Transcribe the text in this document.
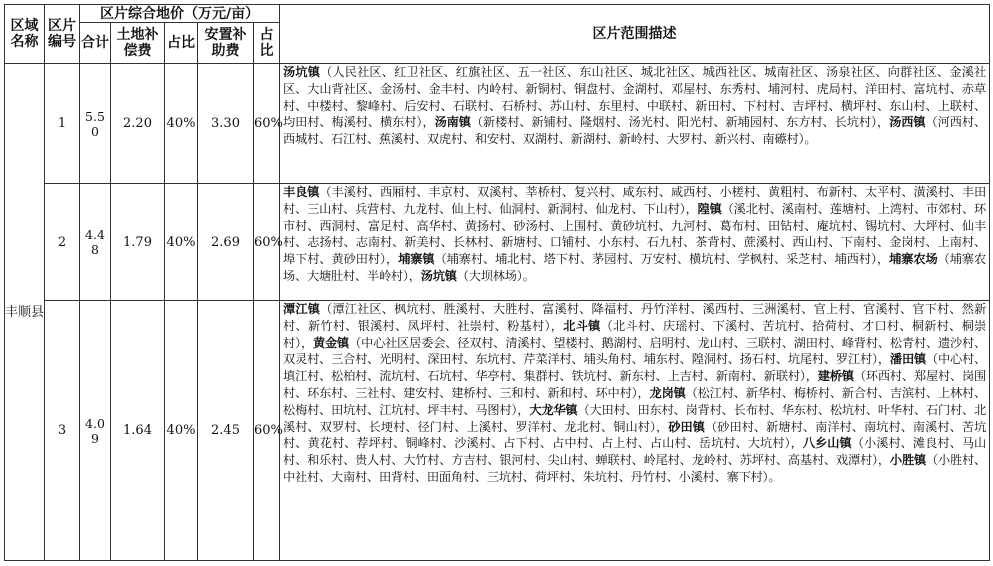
区域名称	区片编号	区片综合地价（万元/亩）					区片范围描述
		合计	土地补偿费	占比	安置补助费	占比	
丰顺县	1	5.50	2.20	40%	3.30	60%	汤坑镇（人民社区、红卫社区、红旗社区、五一社区、东山社区、城北社区、城西社区、城南社区、汤泉社区、向群社区、金溪社区、大山背社区、金汤村、金丰村、内岭村、新铜村、铜盘村、金湖村、邓屋村、东秀村、埔河村、虎局村、洋田村、富坑村、赤草村、中楼村、黎峰村、后安村、石联村、石桥村、苏山村、东里村、中联村、新田村、下村村、吉坪村、横坪村、东山村、上联村、均田村、梅溪村、横东村），汤南镇（新楼村、新铺村、隆烟村、汤光村、阳光村、新埔园村、东方村、长坑村），汤西镇（河西村、西城村、石江村、蕉溪村、双虎村、和安村、双湖村、新湖村、新岭村、大罗村、新兴村、南礤村）。
	2	4.48	1.79	40%	2.69	60%	丰良镇（丰溪村、西厢村、丰京村、双溪村、莘桥村、复兴村、咸东村、咸西村、小槎村、黄粗村、布新村、太平村、潢溪村、丰田村、三山村、兵营村、九龙村、仙上村、仙洞村、新洞村、仙龙村、下山村），隍镇（溪北村、溪南村、莲塘村、上湾村、市郊村、环市村、西洞村、富足村、高华村、黄扬村、砂汤村、上围村、黄砂坑村、九河村、葛布村、田钻村、庵坑村、锡坑村、大坪村、仙丰村、志扬村、志南村、新美村、长林村、新塘村、口铺村、小东村、石九村、茶背村、蔗溪村、西山村、下南村、金岗村、上南村、埠下村、黄砂田村），埔寨镇（埔寨村、埔北村、塔下村、茅园村、万安村、横坑村、学枫村、采芝村、埔西村），埔寨农场（埔寨农场、大塘肚村、半岭村），汤坑镇（大坝林场）。
	3	4.09	1.64	40%	2.45	60%	潭江镇（潭江社区、枫坑村、胜溪村、大胜村、富溪村、降福村、丹竹洋村、溪西村、三洲溪村、官上村、官溪村、官下村、然新村、新竹村、银溪村、凤坪村、社崇村、粉基村），北斗镇（北斗村、庆瑶村、下溪村、苦坑村、拾荷村、才口村、桐新村、桐崇村），黄金镇（中心社区居委会、径双村、清溪村、望楼村、鹅湖村、启明村、龙山村、三联村、湖田村、峰背村、松青村、遗沙村、双灵村、三合村、光明村、深田村、东坑村、芹菜洋村、埔头角村、埔东村、隍洞村、扬石村、坑尾村、罗江村），潘田镇（中心村、填江村、松柏村、流坑村、石坑村、华亭村、集群村、铁坑村、新东村、上吉村、新南村、新联村），建桥镇（环西村、郑屋村、岗围村、环东村、三社村、建安村、建桥村、三和村、新和村、环中村），龙岗镇（松江村、新华村、梅桥村、新合村、吉滨村、上林村、松梅村、田坑村、江坑村、坪丰村、马图村），大龙华镇（大田村、田东村、岗背村、长布村、华东村、松坑村、叶华村、石门村、北溪村、双罗村、长埂村、径门村、上溪村、罗洋村、龙北村、铜山村），砂田镇（砂田村、新塘村、南洋村、南坑村、南溪村、苦坑村、黄花村、荐坪村、铜峰村、沙溪村、占下村、占中村、占上村、占山村、岳坑村、大坑村），八乡山镇（小溪村、滩良村、马山村、和乐村、贵人村、大竹村、方吉村、银河村、尖山村、蝉联村、岭尾村、龙岭村、苏坪村、高基村、戏潭村），小胜镇（小胜村、中社村、大南村、田背村、田面角村、三坑村、荷坪村、朱坑村、丹竹村、小溪村、寨下村）。
